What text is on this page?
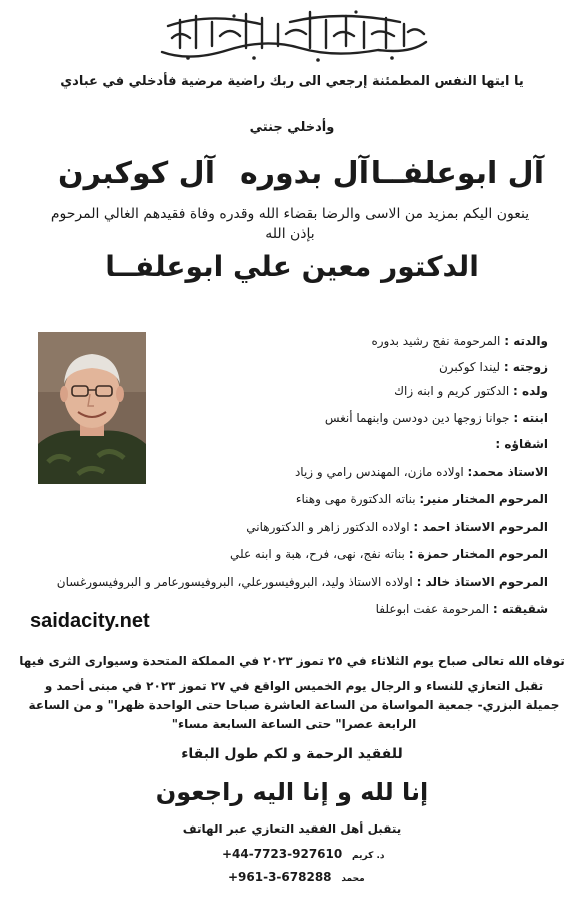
يا ايتها النفس المطمئنة إرجعي الى ربك راضية مرضية فأدخلي في عبادي
وأدخلي جنتي
آل ابوعلفــا
آل بدوره
آل كوكبرن
ينعون اليكم بمزيد من الاسى والرضا بقضاء الله وقدره وفاة فقيدهم الغالي المرحوم
بإذن الله
الدكتور معين علي ابوعلفــا
والدته : المرحومة نفج رشيد بدوره
زوجته : ليندا كوكبرن
ولده : الدكتور كريم و ابنه زاك
ابنته : جوانا زوجها دين دودسن وابنهما أنغس
اشقاؤه :
الاستاذ محمد: اولاده مازن، المهندس رامي و زياد
المرحوم المختار منير: بناته الدكتورة مهى وهناء
المرحوم الاستاذ احمد : اولاده الدكتور زاهر و الدكتورهاني
المرحوم المختار حمزة : بناته نفج، نهى، فرح، هبة و ابنه علي
المرحوم الاستاذ خالد : اولاده الاستاذ وليد، البروفيسورعلي، البروفيسورعامر و البروفيسورغسان
شقيقته : المرحومة عفت ابوعلفا
saidacity.net
توفاه الله تعالى صباح يوم الثلاثاء في ٢٥ تموز ٢٠٢٣ في المملكة المتحدة وسيوارى الثرى فيها
تقبل التعازي للنساء و الرجال يوم الخميس الواقع في ٢٧ تموز ٢٠٢٣ في مبنى أحمد و جميلة البزري- جمعية المواساة من الساعة العاشرة صباحا حتى الواحدة ظهرا" و من الساعة الرابعة عصرا" حتى الساعة السابعة مساء"
للفقيد الرحمة و لكم طول البقاء
إنا لله و إنا اليه راجعون
يتقبل أهل الفقيد التعازي عبر الهاتف
+44-7723-927610 د. كريم
+961-3-678288 محمد
